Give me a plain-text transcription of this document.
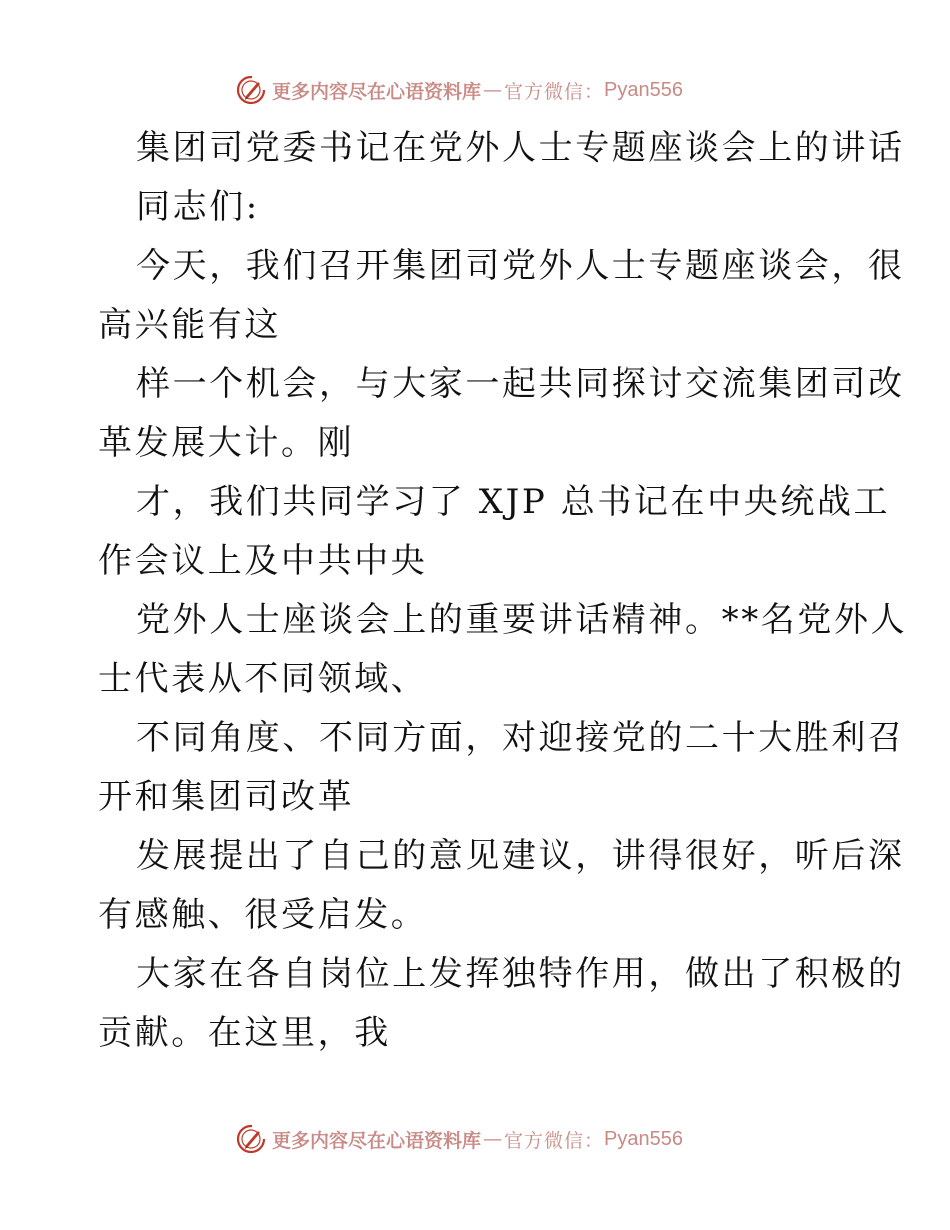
更多内容尽在心语资料库 — 官方微信： Pyan556
集团司党委书记在党外人士专题座谈会上的讲话
同志们:
今天，我们召开集团司党外人士专题座谈会，很
高兴能有这
样一个机会，与大家一起共同探讨交流集团司改
革发展大计。刚
才，我们共同学习了 XJP 总书记在中央统战工
作会议上及中共中央
党外人士座谈会上的重要讲话精神。**名党外人
士代表从不同领域、
不同角度、不同方面，对迎接党的二十大胜利召
开和集团司改革
发展提出了自己的意见建议，讲得很好，听后深
有感触、很受启发。
大家在各自岗位上发挥独特作用，做出了积极的
贡献。在这里，我
更多内容尽在心语资料库 — 官方微信： Pyan556
